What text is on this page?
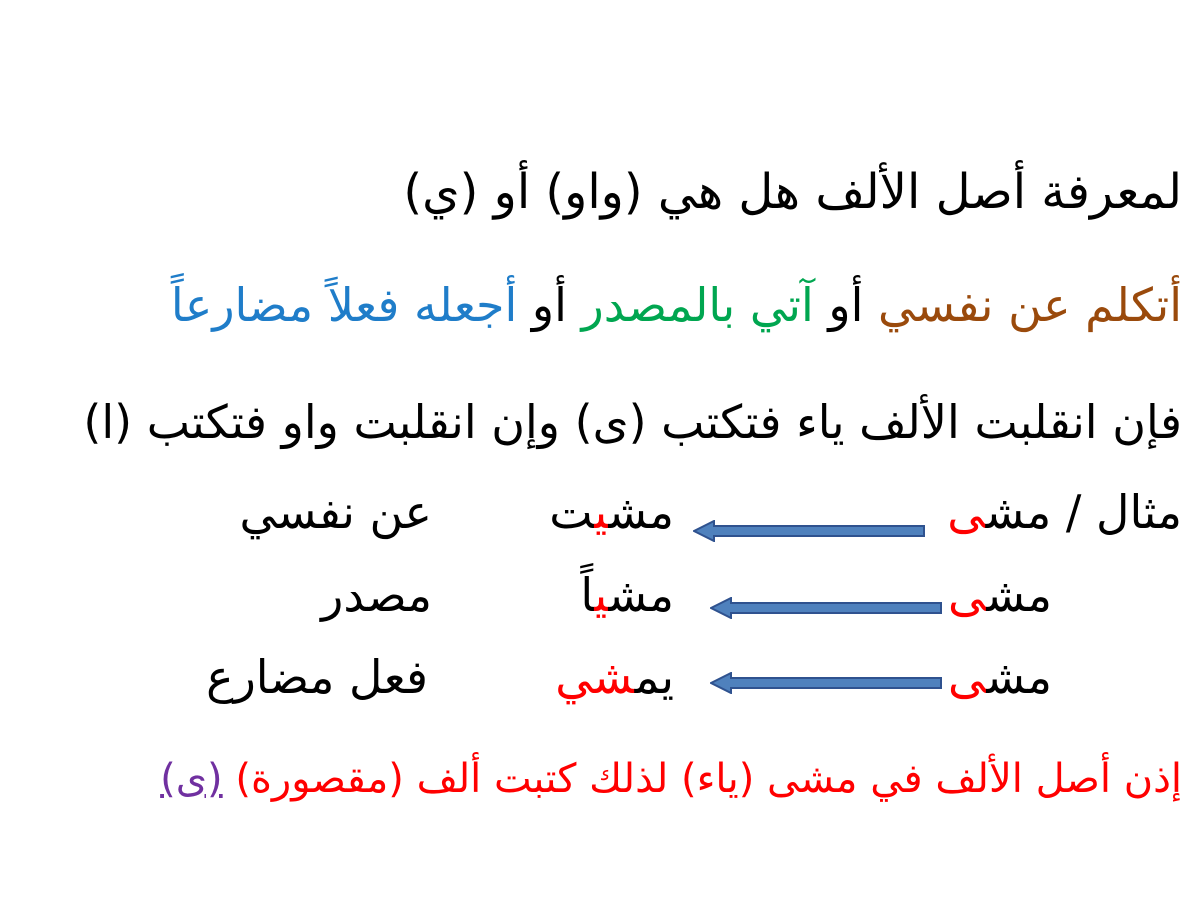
لمعرفة أصل الألف هل هي (واو) أو (ي)
أتكلم عن نفسي أو آتي بالمصدر أو أجعله فعلاً مضارعاً
فإن انقلبت الألف ياء فتكتب (ى) وإن انقلبت واو فتكتب (ا)
مثال / مشى
مشيت
عن نفسي
مشى
مشياً
مصدر
مشى
يمشي
فعل مضارع
إذن أصل الألف في مشى (ياء) لذلك كتبت ألف (مقصورة) (ى)
